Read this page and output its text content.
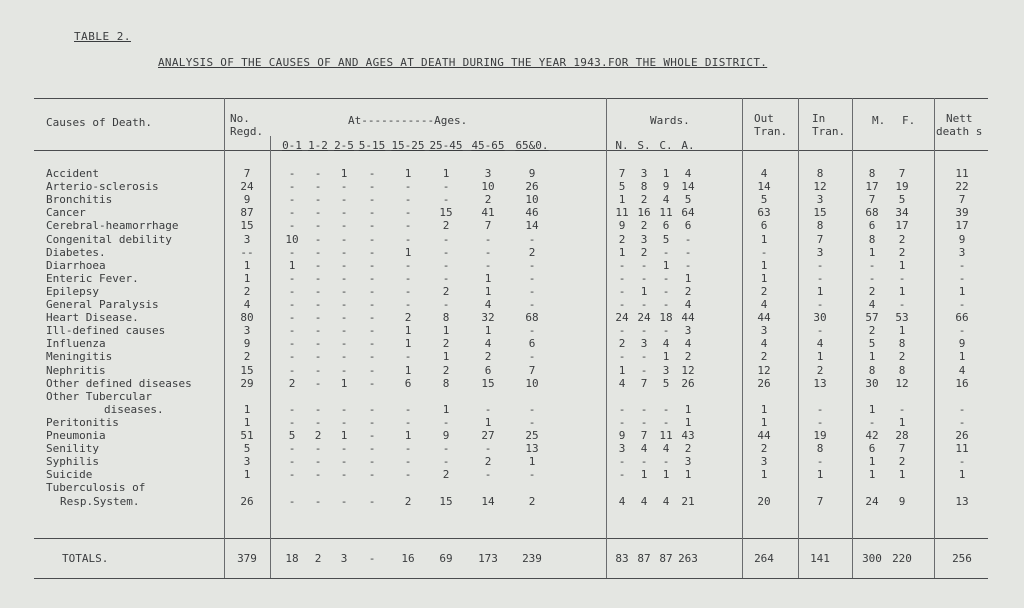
TABLE 2.
ANALYSIS OF THE CAUSES OF AND AGES AT DEATH DURING THE YEAR 1943.FOR THE WHOLE DISTRICT.
Causes of Death.	No.
Regd.
At-----------Ages.	Wards.	Out
Tran.
In
Tran.
M. F.	Nett
death s
0-1 1-2 2-5 5-15 15-25 25-45 45-65 65&0.	N. S. C. A.
Accident	7	-	-	1	-	1	1	3	9	7	3	1	4	4	8	8	7	11
Arterio-sclerosis	24	-	-	-	-	-	-	10	26	5	8	9	14	14	12	17	19	22
Bronchitis	9	-	-	-	-	-	-	2	10	1	2	4	5	5	3	7	5	7
Cancer	87	-	-	-	-	-	15	41	46	11 16 11 64	63	15	68	34	39
Cerebral-heamorrhage	15	-	-	-	-	-	2	7	14	9	2	6	6	6	8	6	17	17
Congenital debility	3	10	-	-	-	-	-	-	-	2	3	5	-	1	7	8	2	9
Diabetes.	--	-	-	-	-	1	-	-	2	1	2	-	-	-	3	1	2	3
Diarrhoea	1	1	-	-	-	-	-	-	-	-	-	1	-	1	-	-	1	-
Enteric Fever.	1	-	-	-	-	-	-	1	-	-	-	-	1	1	-	-	-	-
Epilepsy	2	-	-	-	-	-	2	1	-	-	1	-	2	2	1	2	1	1
General Paralysis	4	-	-	-	-	-	-	4	-	-	-	-	4	4	-	4	-	-
Heart Disease.	80	-	-	-	-	2	8	32	68	24 24 18 44	44	30	57	53	66
Ill-defined causes	3	-	-	-	-	1	1	1	-	-	-	-	3	3	-	2	1	-
Influenza	9	-	-	-	-	1	2	4	6	2	3	4	4	4	4	5	8	9
Meningitis	2	-	-	-	-	-	1	2	-	-	-	1	2	2	1	1	2	1
Nephritis	15	-	-	-	-	1	2	6	7	1	-	3	12	12	2	8	8	4
Other defined diseases	29	2	-	1	-	6	8	15	10	4	7	5	26	26	13	30	12	16
Other Tubercular
diseases.	1	-	-	-	-	-	1	-	-	-	-	-	1	1	-	1	-	-
Peritonitis	1	-	-	-	-	-	-	1	-	-	-	-	1	1	-	-	1	-
Pneumonia	51	5	2	1	-	1	9	27	25	9	7	11 43	44	19	42	28	26
Senility	5	-	-	-	-	-	-	-	13	3	4	4	2	2	8	6	7	11
Syphilis	3	-	-	-	-	-	-	2	1	-	-	-	3	3	-	1	2	-
Suicide	1	-	-	-	-	-	2	-	-	-	1	1	1	1	1	1	1	1
Tuberculosis of
Resp.System.	26	-	-	-	-	2	15	14	2	4	4	4	21	20	7	24	9	13
TOTALS.	379	18	2	3	-	16	69	173	239	83 87 87 263	264	141	300 220	256
